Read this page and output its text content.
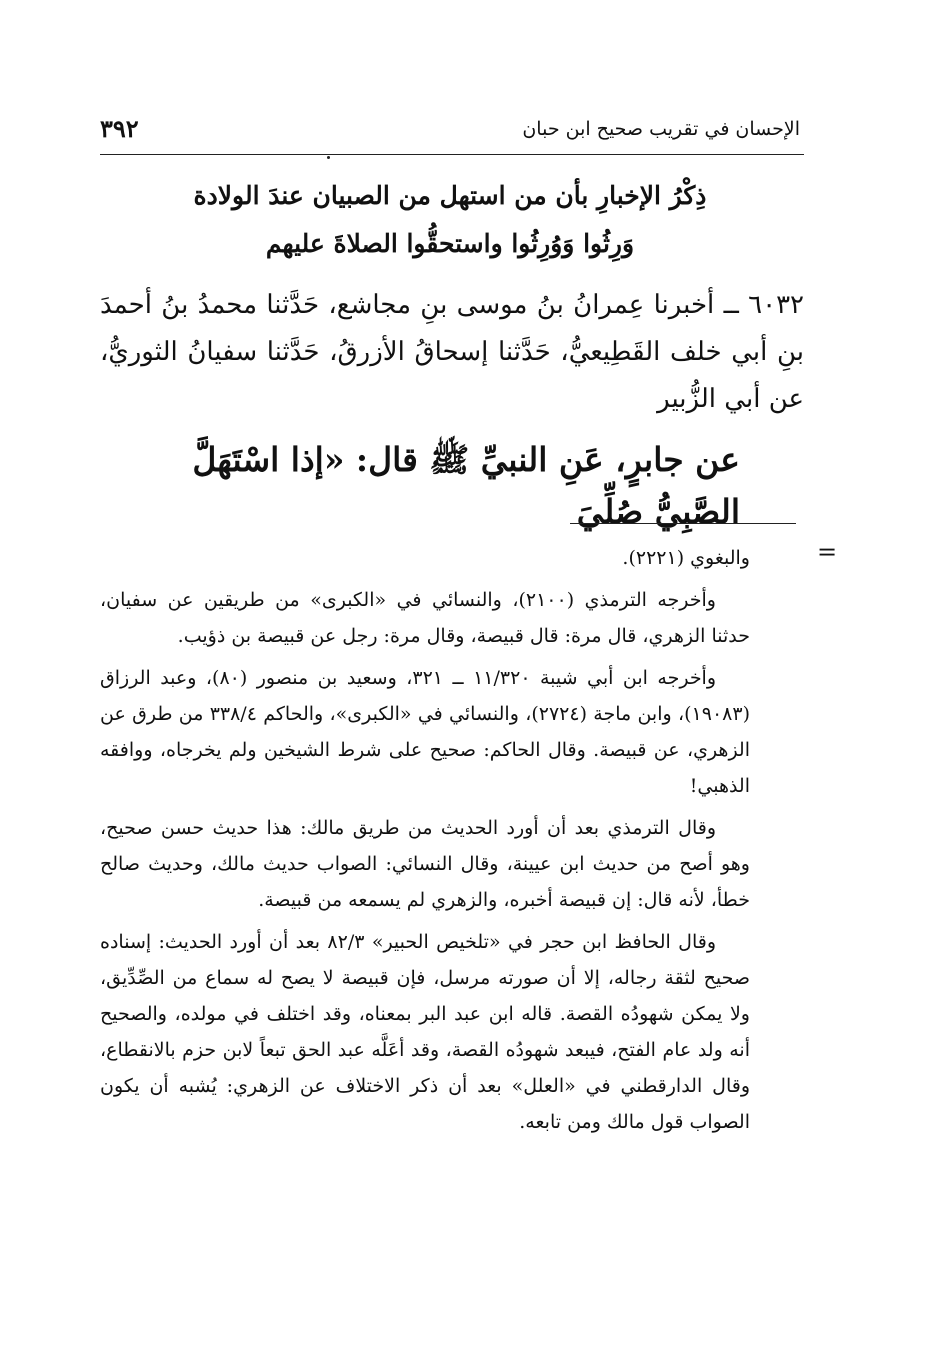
٣٩٢	الإحسان في تقريب صحيح ابن حبان
ذِكْرُ الإخبارِ بأن من استهل من الصبيان عندَ الولادة
وَرِثُوا وَوُرِثُوا واستحقُّوا الصلاةَ عليهم

٦٠٣٢ ــ أخبرنا عِمرانُ بنُ موسى بنِ مجاشع، حَدَّثنا محمدُ بنُ أحمدَ بنِ أبي خلف القَطِيعيُّ، حَدَّثنا إسحاقُ الأزرقُ، حَدَّثنا سفيانُ الثوريُّ، عن أبي الزُّبير

عن جابرٍ، عَنِ النبيِّ ﷺ قال: «إذا اسْتَهَلَّ الصَّبِيُّ صُلِّيَ
=

والبغوي (٢٢٢١).

وأخرجه الترمذي (٢١٠٠)، والنسائي في «الكبرى» من طريقين عن سفيان، حدثنا الزهري، قال مرة: قال قبيصة، وقال مرة: رجل عن قبيصة بن ذؤيب.

وأخرجه ابن أبي شيبة ١١/٣٢٠ ــ ٣٢١، وسعيد بن منصور (٨٠)، وعبد الرزاق (١٩٠٨٣)، وابن ماجة (٢٧٢٤)، والنسائي في «الكبرى»، والحاكم ٣٣٨/٤ من طرق عن الزهري، عن قبيصة. وقال الحاكم: صحيح على شرط الشيخين ولم يخرجاه، ووافقه الذهبي!

وقال الترمذي بعد أن أورد الحديث من طريق مالك: هذا حديث حسن صحيح، وهو أصح من حديث ابن عيينة، وقال النسائي: الصواب حديث مالك، وحديث صالح خطأ، لأنه قال: إن قبيصة أخبره، والزهري لم يسمعه من قبيصة.

وقال الحافظ ابن حجر في «تلخيص الحبير» ٨٢/٣ بعد أن أورد الحديث: إسناده صحيح لثقة رجاله، إلا أن صورته مرسل، فإن قبيصة لا يصح له سماع من الصِّدِّيق، ولا يمكن شهودُه القصة. قاله ابن عبد البر بمعناه، وقد اختلف في مولده، والصحيح أنه ولد عام الفتح، فيبعد شهودُه القصة، وقد أعَلَّه عبد الحق تبعاً لابن حزم بالانقطاع، وقال الدارقطني في «العلل» بعد أن ذكر الاختلاف عن الزهري: يُشبه أن يكون الصواب قول مالك ومن تابعه.
